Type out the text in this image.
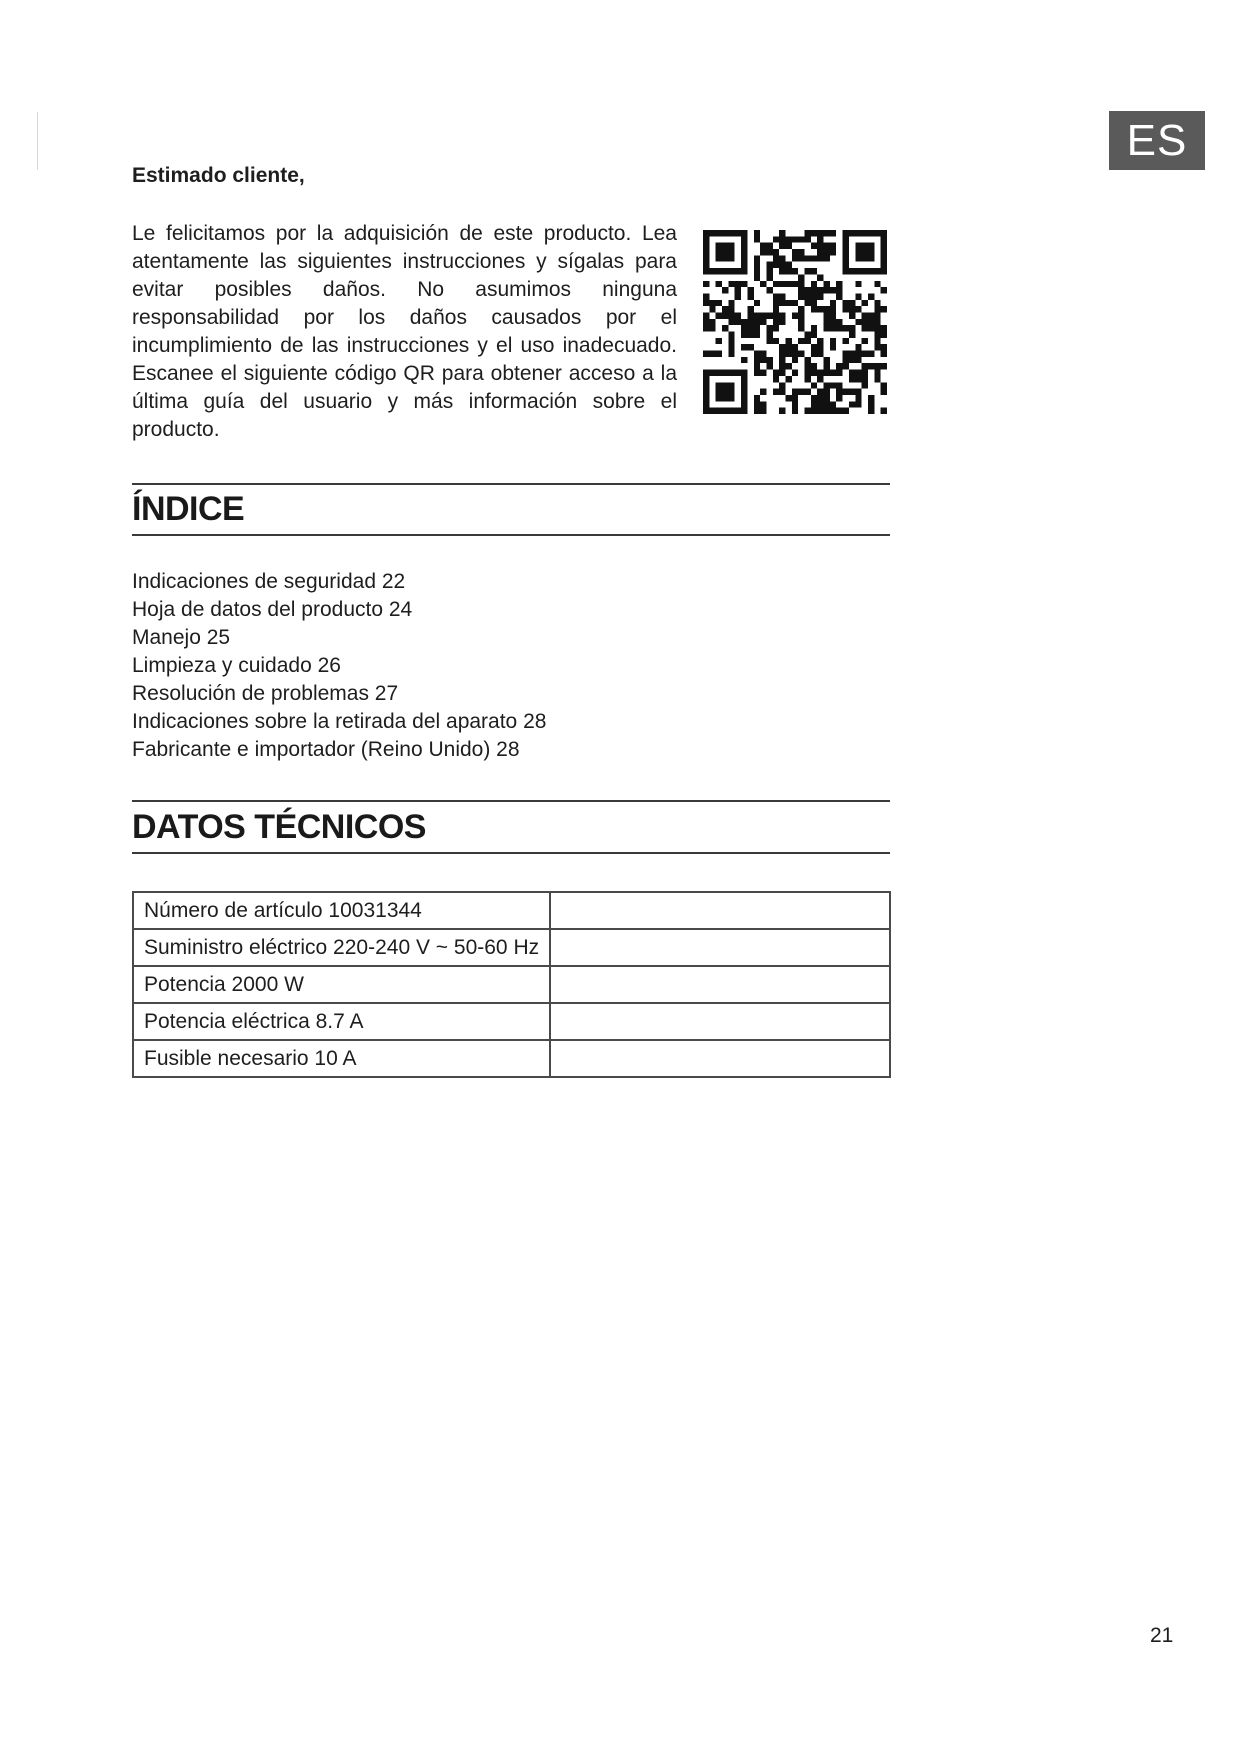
ES

Estimado cliente,

Le felicitamos por la adquisición de este producto. Lea atentamente las siguientes instrucciones y sígalas para evitar posibles daños. No asumimos ninguna responsabilidad por los daños causados por el incumplimiento de las instrucciones y el uso inadecuado. Escanee el siguiente código QR para obtener acceso a la última guía del usuario y más información sobre el producto.

ÍNDICE
Indicaciones de seguridad 22
Hoja de datos del producto 24
Manejo 25
Limpieza y cuidado 26
Resolución de problemas 27
Indicaciones sobre la retirada del aparato 28
Fabricante e importador (Reino Unido) 28
DATOS TÉCNICOS
Número de artículo 10031344	
Suministro eléctrico 220-240 V ~ 50-60 Hz	
Potencia 2000 W	
Potencia eléctrica 8.7 A	
Fusible necesario 10 A	
21
